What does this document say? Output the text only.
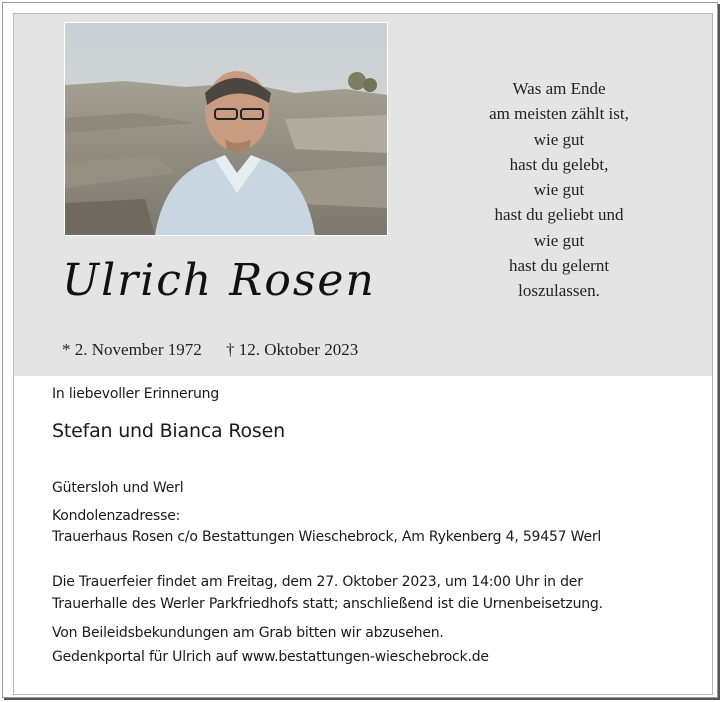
Ulrich Rosen
* 2. November 1972 † 12. Oktober 2023
Was am Ende
am meisten zählt ist,
wie gut
hast du gelebt,
wie gut
hast du geliebt und
wie gut
hast du gelernt
loszulassen.
In liebevoller Erinnerung
Stefan und Bianca Rosen
Gütersloh und Werl
Kondolenzadresse:
Trauerhaus Rosen c/o Bestattungen Wieschebrock, Am Rykenberg 4, 59457 Werl
Die Trauerfeier findet am Freitag, dem 27. Oktober 2023, um 14:00 Uhr in der
Trauerhalle des Werler Parkfriedhofs statt; anschließend ist die Urnenbeisetzung.
Von Beileidsbekundungen am Grab bitten wir abzusehen.
Gedenkportal für Ulrich auf www.bestattungen-wieschebrock.de
